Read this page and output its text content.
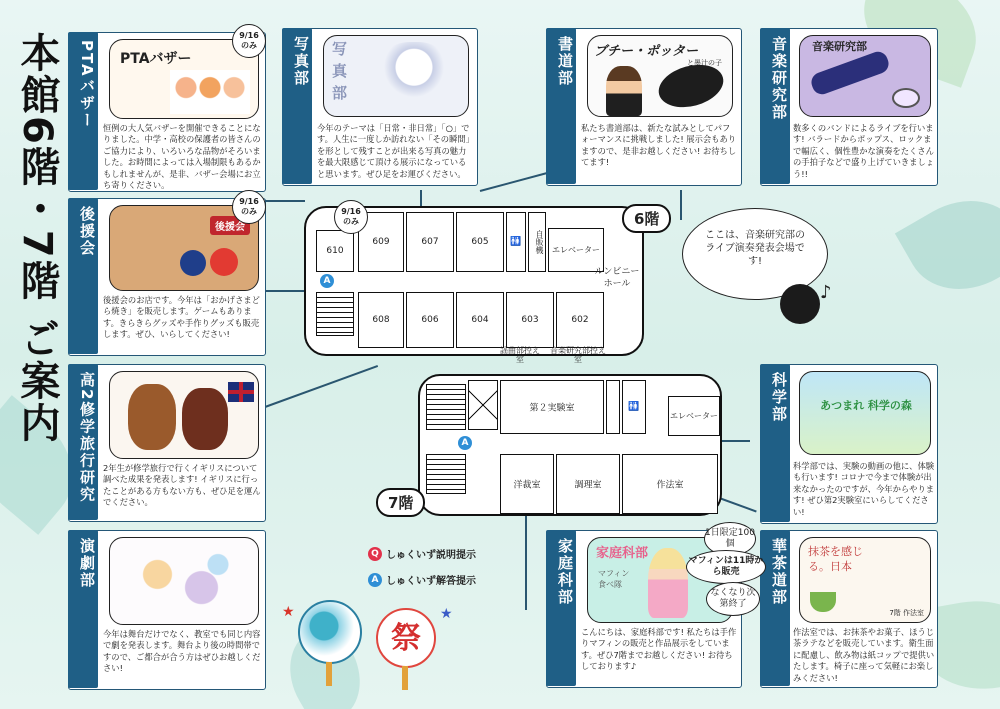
本館6階・7階 ご案内	PTAバザー PTAバザー
恒例の大人気バザーを開催できることになりました。中学・高校の保護者の皆さんのご協力により、いろいろな品物がそろいました。お時間によっては入場制限もあるかもしれませんが、是非、バザー会場にお立ち寄りください。
9/16
のみ
後援会	後援会
後援会のお店です。今年は「おかげさまどら焼き」を販売します。ゲームもあります。きらきらグッズや手作りグッズも販売します。ぜひ、いらしてください!
9/16
のみ
高2修学旅行研究 2年生が修学旅行で行くイギリスについて調べた成果を発表します! イギリスに行ったことがある方もない方も、ぜひ足を運んでください。
演劇部
今年は舞台だけでなく、教室でも同じ内容で劇を発表します。舞台より後の時間帯ですので、ご都合が合う方はぜひお越しください!
写真部 写真部
今年のテーマは「日常・非日常」「○」です。人生に一度しか訪れない「その瞬間」を形として残すことが出来る写真の魅力を最大限感じて頂ける展示になっていると思います。ぜひ足をお運びください。
書道部 ブチー・ポッター
と墨汁の子
私たち書道部は、新たな試みとしてパフォーマンスに挑戦しました! 展示会もありますので、是非お越しください! お待ちしてます!
音楽研究部 音楽研究部
数多くのバンドによるライブを行います! バラードからポップス、ロックまで幅広く、個性豊かな演奏をたくさんの手拍子などで盛り上げていきましょう!!
科学部	あつまれ 科学の森
科学部では、実験の動画の他に、体験も行います! コロナで今まで体験が出来なかったのですが、今年からやります! ぜひ第2実験室にいらしてください!
家庭科部 家庭科部
マフィン 食べ隊
こんにちは、家庭科部です! 私たちは手作りマフィンの販売と作品展示をしています。ぜひ7階までお越しください! お待ちしております♪
華茶道部 抹茶を感じる。日本
7階 作法室
作法室では、お抹茶やお菓子、ほうじ茶ラテなどを販売しています。衛生面に配慮し、飲み物は紙コップで提供いたします。椅子に座って気軽にお楽しみください!
610
609	607	605	🚻	自販機	エレベーター
ルンビニーホール
608	606	604	603	602
A
6階
9/16
のみ
謡曲部控え室
音楽研究部控え室
ここは、音楽研究部のライブ演奏発表会場です!
♪
第２実験室	🚻
エレベーター
洋裁室	調理室	作法室
A
7階
1日限定100個
マフィンは11時から販売
なくなり次第終了
Q しゅくいず説明提示
A しゅくいず解答提示
祭
★	★
